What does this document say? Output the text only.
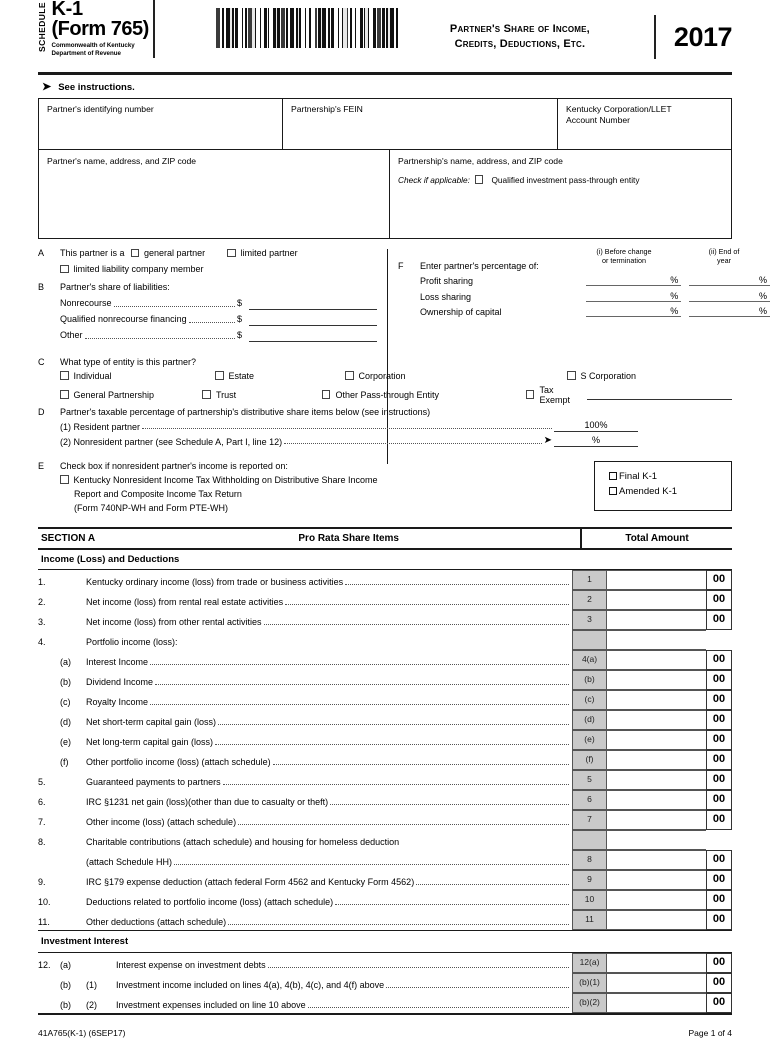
SCHEDULE K-1
(Form 765)
Commonwealth of Kentucky
Department of Revenue
Partner's Share of Income,
Credits, Deductions, Etc.	2017
➤ See instructions.
Partner's identifying number	Partnership's FEIN	Kentucky Corporation/LLET
Account Number
Partner's name, address, and ZIP code	Partnership's name, address, and ZIP code
Check if applicable:	Qualified investment pass-through entity
A	This partner is a general partner	limited partner
limited liability company member
B	Partner's share of liabilities:
Nonrecourse	$
Qualified nonrecourse financing	$
Other	$
(i) Before change
or termination
(ii) End of
year
F	Enter partner's percentage of:
Profit sharing	%	%
Loss sharing	%	%
Ownership of capital	%	%
C	What type of entity is this partner?
Individual	Estate	Corporation	S Corporation
General Partnership	Trust	Other Pass-through Entity	Tax Exempt
D	Partner's taxable percentage of partnership's distributive share items below (see instructions)
(1) Resident partner	100%
(2) Nonresident partner (see Schedule A, Part I, line 12)	➤	%
E	Check box if nonresident partner's income is reported on:
Kentucky Nonresident Income Tax Withholding on Distributive Share Income
Report and Composite Income Tax Return
(Form 740NP-WH and Form PTE-WH)
Final K-1
Amended K-1
SECTION A	Pro Rata Share Items	Total Amount
Income (Loss) and Deductions
1.	Kentucky ordinary income (loss) from trade or business activities	1	00
2.	Net income (loss) from rental real estate activities	2	00
3.	Net income (loss) from other rental activities	3	00
4.	Portfolio income (loss):
(a)	Interest Income	4(a)	00
(b)	Dividend Income	(b)	00
(c)	Royalty Income	(c)	00
(d)	Net short-term capital gain (loss)	(d)	00
(e)	Net long-term capital gain (loss)	(e)	00
(f)	Other portfolio income (loss) (attach schedule)	(f)	00
5.	Guaranteed payments to partners	5	00
6.	IRC §1231 net gain (loss)(other than due to casualty or theft)	6	00
7.	Other income (loss) (attach schedule)	7	00
8.	Charitable contributions (attach schedule) and housing for homeless deduction
(attach Schedule HH)	8	00
9.	IRC §179 expense deduction (attach federal Form 4562 and Kentucky Form 4562)	9	00
10.	Deductions related to portfolio income (loss) (attach schedule)	10	00
11.	Other deductions (attach schedule)	11	00
Investment Interest
12.	(a)	Interest expense on investment debts	12(a)	00
(b)	(1)	Investment income included on lines 4(a), 4(b), 4(c), and 4(f) above	(b)(1)	00
(b)	(2)	Investment expenses included on line 10 above	(b)(2)	00
41A765(K-1) (6SEP17)	Page 1 of 4
